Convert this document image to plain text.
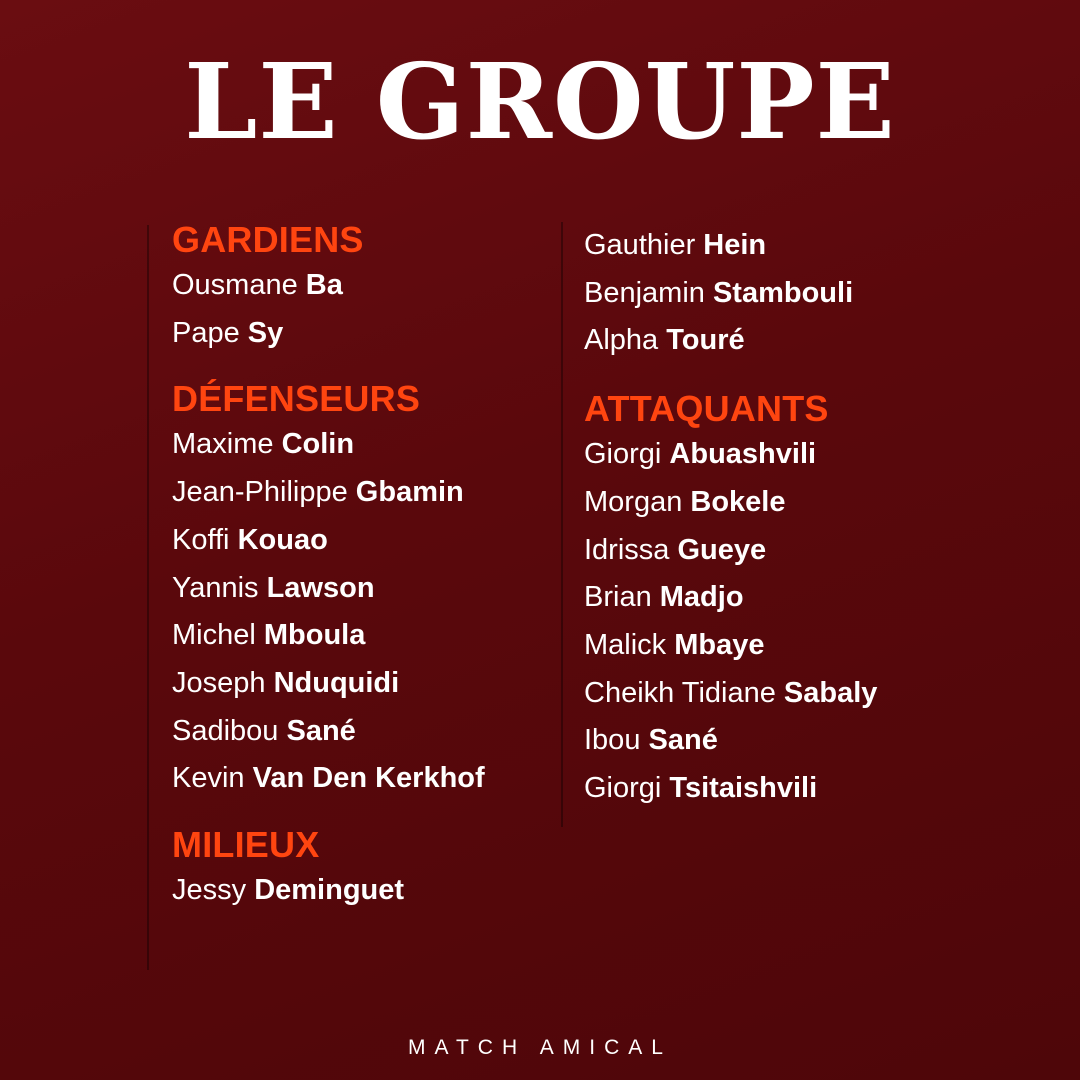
LE GROUPE
GARDIENS
Ousmane Ba
Pape Sy
DÉFENSEURS
Maxime Colin
Jean-Philippe Gbamin
Koffi Kouao
Yannis Lawson
Michel Mboula
Joseph Nduquidi
Sadibou Sané
Kevin Van Den Kerkhof
MILIEUX
Jessy Deminguet
Gauthier Hein
Benjamin Stambouli
Alpha Touré
ATTAQUANTS
Giorgi Abuashvili
Morgan Bokele
Idrissa Gueye
Brian Madjo
Malick Mbaye
Cheikh Tidiane Sabaly
Ibou Sané
Giorgi Tsitaishvili
MATCH AMICAL
